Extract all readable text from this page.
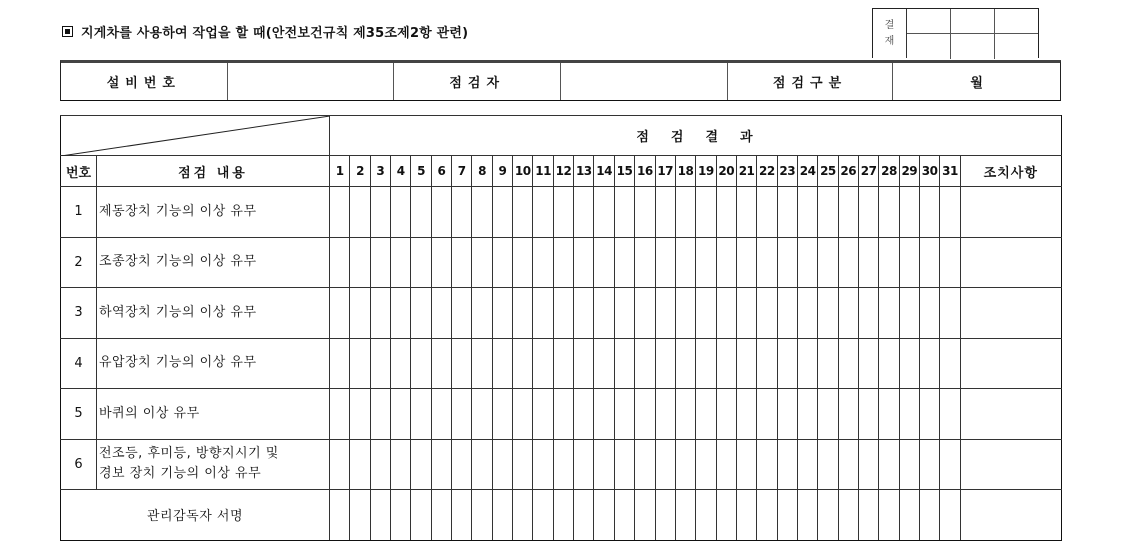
지게차를 사용하여 작업을 할 때(안전보건규칙 제35조제2항 관련)
결
재
설비번호	점검자	점검구분	월
	점검결과																															
번호	점검 내용	1	2	3	4	5	6	7	8	9	10	11	12	13	14	15	16	17	18	19	20	21	22	23	24	25	26	27	28	29	30	31	조치사항
1	제동장치 기능의 이상 유무																																
2	조종장치 기능의 이상 유무																																
3	하역장치 기능의 이상 유무																																
4	유압장치 기능의 이상 유무																																
5	바퀴의 이상 유무																																
6	전조등, 후미등, 방향지시기 및
경보 장치 기능의 이상 유무																																

관리감독자 서명																																	
